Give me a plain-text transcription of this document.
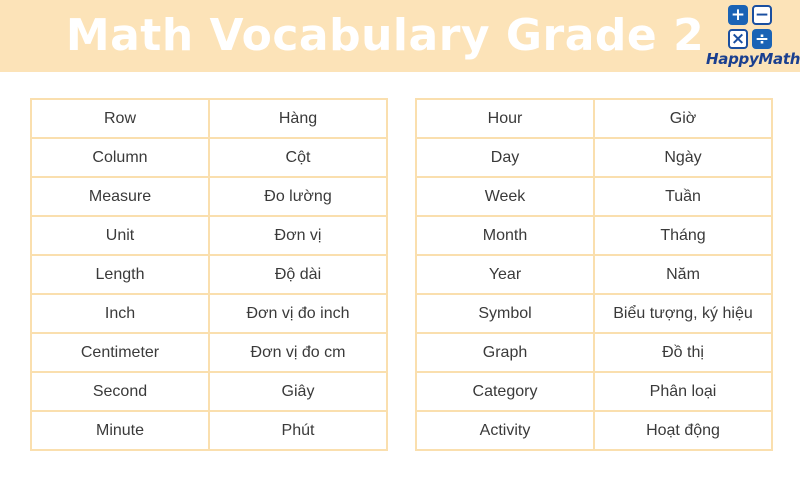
Math Vocabulary Grade 2	+ −
× ÷
HappyMath
Row	Hàng
Column	Cột
Measure	Đo lường
Unit	Đơn vị
Length	Độ dài
Inch	Đơn vị đo inch
Centimeter	Đơn vị đo cm
Second	Giây
Minute	Phút
Hour	Giờ
Day	Ngày
Week	Tuần
Month	Tháng
Year	Năm
Symbol	Biểu tượng, ký hiệu
Graph	Đồ thị
Category	Phân loại
Activity	Hoạt động
